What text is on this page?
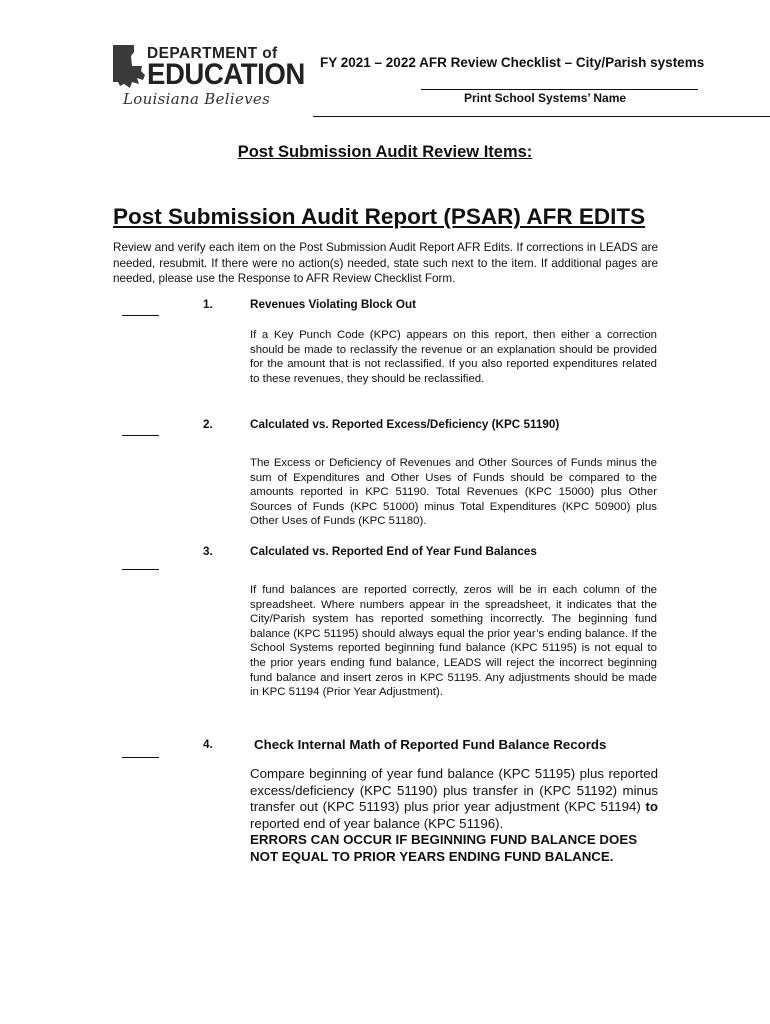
DEPARTMENT of
EDUCATION
Louisiana Believes
FY 2021 – 2022 AFR Review Checklist – City/Parish systems
Print School Systems’ Name
Post Submission Audit Review Items:
Post Submission Audit Report (PSAR) AFR EDITS
Review and verify each item on the Post Submission Audit Report AFR Edits. If corrections in LEADS are needed, resubmit. If there were no action(s) needed, state such next to the item. If additional pages are needed, please use the Response to AFR Review Checklist Form.
1.	Revenues Violating Block Out
If a Key Punch Code (KPC) appears on this report, then either a correction should be made to reclassify the revenue or an explanation should be provided for the amount that is not reclassified. If you also reported expenditures related to these revenues, they should be reclassified.
2.	Calculated vs. Reported Excess/Deficiency (KPC 51190)
The Excess or Deficiency of Revenues and Other Sources of Funds minus the sum of Expenditures and Other Uses of Funds should be compared to the amounts reported in KPC 51190. Total Revenues (KPC 15000) plus Other Sources of Funds (KPC 51000) minus Total Expenditures (KPC 50900) plus Other Uses of Funds (KPC 51180).
3.	Calculated vs. Reported End of Year Fund Balances
If fund balances are reported correctly, zeros will be in each column of the spreadsheet. Where numbers appear in the spreadsheet, it indicates that the City/Parish system has reported something incorrectly. The beginning fund balance (KPC 51195) should always equal the prior year’s ending balance. If the School Systems reported beginning fund balance (KPC 51195) is not equal to the prior years ending fund balance, LEADS will reject the incorrect beginning fund balance and insert zeros in KPC 51195. Any adjustments should be made in KPC 51194 (Prior Year Adjustment).
4.	Check Internal Math of Reported Fund Balance Records
Compare beginning of year fund balance (KPC 51195) plus reported excess/deficiency (KPC 51190) plus transfer in (KPC 51192) minus transfer out (KPC 51193) plus prior year adjustment (KPC 51194) to reported end of year balance (KPC 51196).
ERRORS CAN OCCUR IF BEGINNING FUND BALANCE DOES NOT EQUAL TO PRIOR YEARS ENDING FUND BALANCE.
